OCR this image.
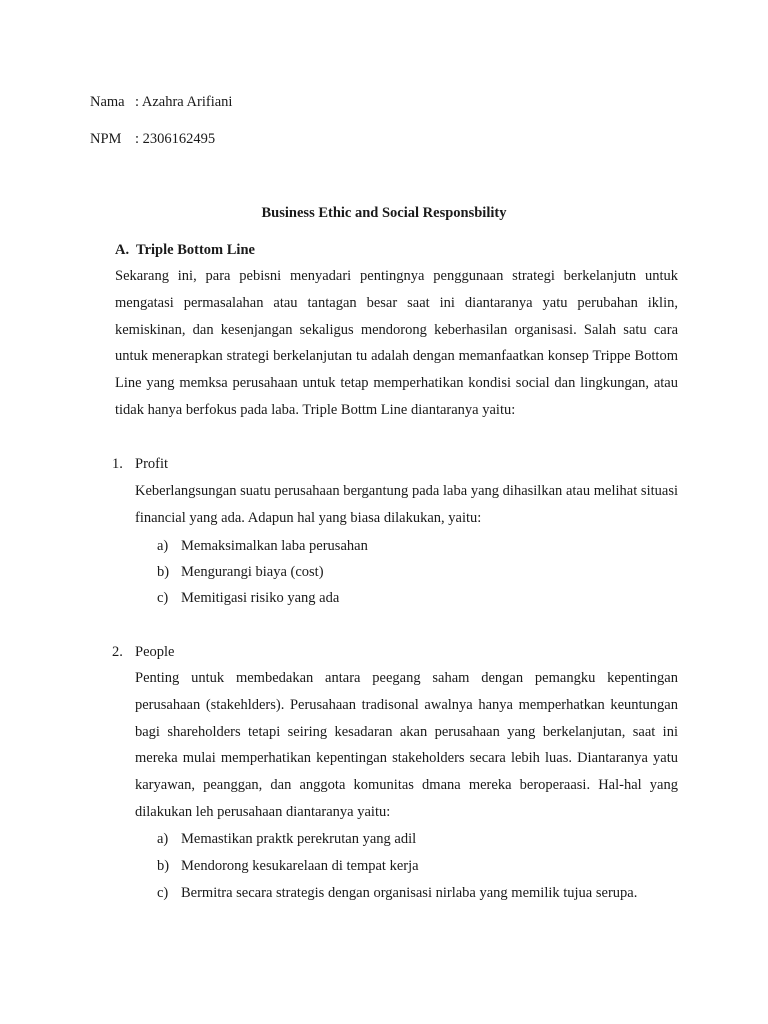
Nama : Azahra Arifiani
NPM : 2306162495
Business Ethic and Social Responsbility
A. Triple Bottom Line
Sekarang ini, para pebisni menyadari pentingnya penggunaan strategi berkelanjutn untuk mengatasi permasalahan atau tantagan besar saat ini diantaranya yatu perubahan iklin, kemiskinan, dan kesenjangan sekaligus mendorong keberhasilan organisasi. Salah satu cara untuk menerapkan strategi berkelanjutan tu adalah dengan memanfaatkan konsep Trippe Bottom Line yang memksa perusahaan untuk tetap memperhatikan kondisi social dan lingkungan, atau tidak hanya berfokus pada laba. Triple Bottm Line diantaranya yaitu:
1. Profit
Keberlangsungan suatu perusahaan bergantung pada laba yang dihasilkan atau melihat situasi financial yang ada. Adapun hal yang biasa dilakukan, yaitu:
a) Memaksimalkan laba perusahan
b) Mengurangi biaya (cost)
c) Memitigasi risiko yang ada
2. People
Penting untuk membedakan antara peegang saham dengan pemangku kepentingan perusahaan (stakehlders). Perusahaan tradisonal awalnya hanya memperhatkan keuntungan bagi shareholders tetapi seiring kesadaran akan perusahaan yang berkelanjutan, saat ini mereka mulai memperhatikan kepentingan stakeholders secara lebih luas. Diantaranya yatu karyawan, peanggan, dan anggota komunitas dmana mereka beroperaasi. Hal-hal yang dilakukan leh perusahaan diantaranya yaitu:
a) Memastikan praktk perekrutan yang adil
b) Mendorong kesukarelaan di tempat kerja
c) Bermitra secara strategis dengan organisasi nirlaba yang memilik tujua serupa.
